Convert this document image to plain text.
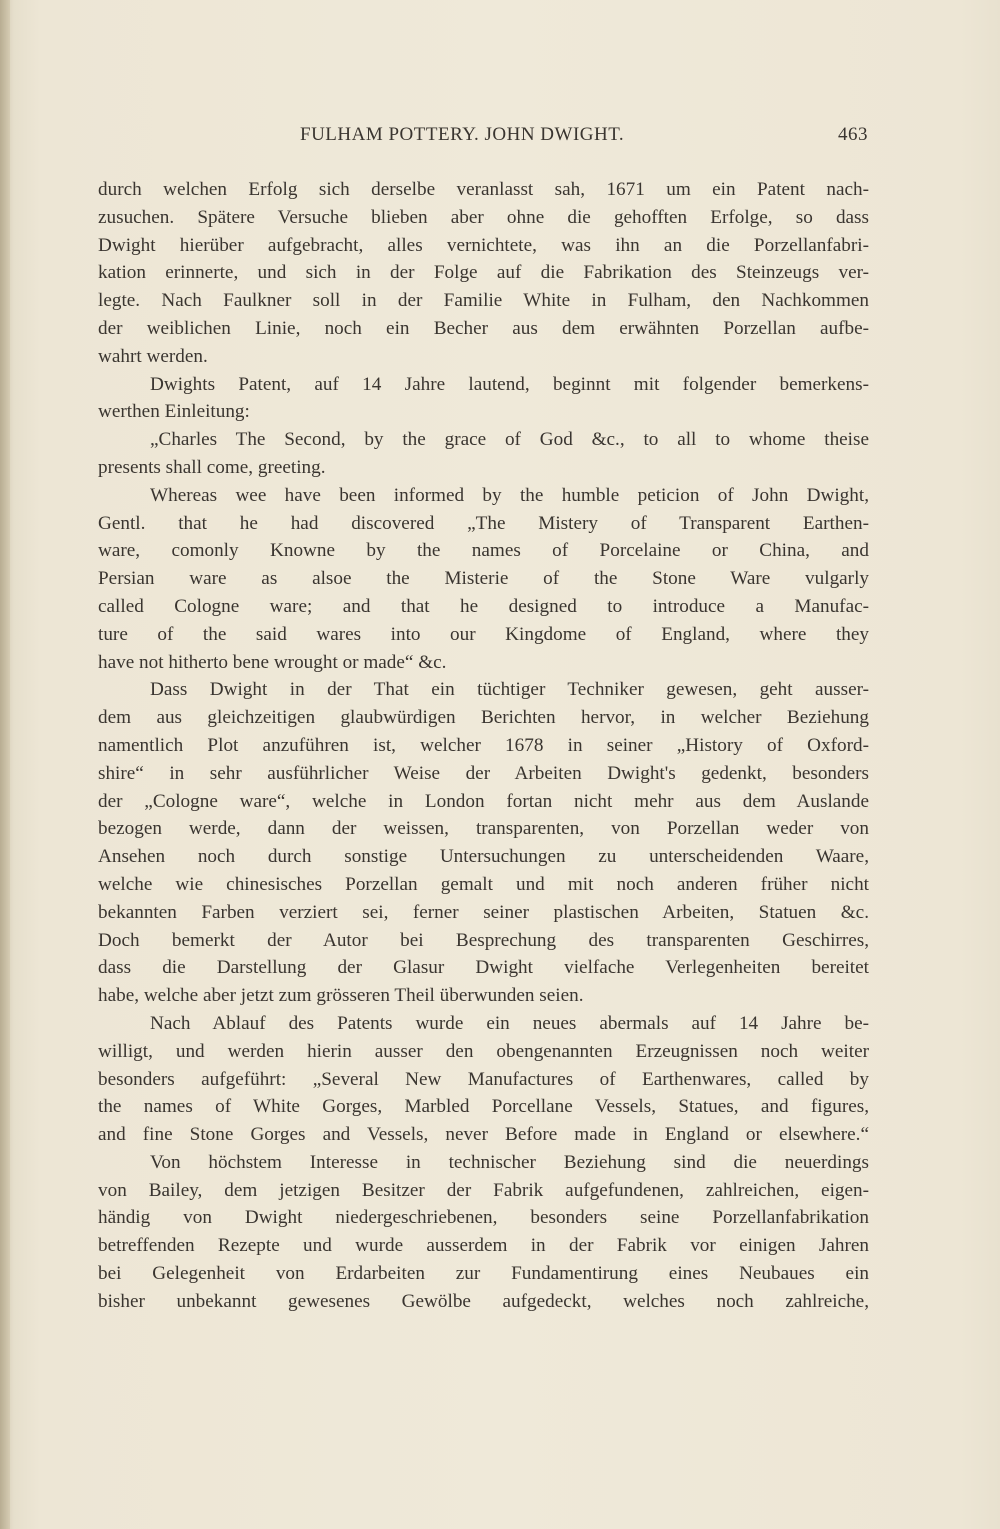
FULHAM POTTERY. JOHN DWIGHT.	463
durch welchen Erfolg sich derselbe veranlasst sah, 1671 um ein Patent nach-
zusuchen. Spätere Versuche blieben aber ohne die gehofften Erfolge, so dass
Dwight hierüber aufgebracht, alles vernichtete, was ihn an die Porzellanfabri-
kation erinnerte, und sich in der Folge auf die Fabrikation des Steinzeugs ver-
legte. Nach Faulkner soll in der Familie White in Fulham, den Nachkommen
der weiblichen Linie, noch ein Becher aus dem erwähnten Porzellan aufbe-
wahrt werden.
Dwights Patent, auf 14 Jahre lautend, beginnt mit folgender bemerkens-
werthen Einleitung:
„Charles The Second, by the grace of God &c., to all to whome theise
presents shall come, greeting.
Whereas wee have been informed by the humble peticion of John Dwight,
Gentl. that he had discovered „The Mistery of Transparent Earthen-
ware, comonly Knowne by the names of Porcelaine or China, and
Persian ware as alsoe the Misterie of the Stone Ware vulgarly
called Cologne ware; and that he designed to introduce a Manufac-
ture of the said wares into our Kingdome of England, where they
have not hitherto bene wrought or made“ &c.
Dass Dwight in der That ein tüchtiger Techniker gewesen, geht ausser-
dem aus gleichzeitigen glaubwürdigen Berichten hervor, in welcher Beziehung
namentlich Plot anzuführen ist, welcher 1678 in seiner „History of Oxford-
shire“ in sehr ausführlicher Weise der Arbeiten Dwight's gedenkt, besonders
der „Cologne ware“, welche in London fortan nicht mehr aus dem Auslande
bezogen werde, dann der weissen, transparenten, von Porzellan weder von
Ansehen noch durch sonstige Untersuchungen zu unterscheidenden Waare,
welche wie chinesisches Porzellan gemalt und mit noch anderen früher nicht
bekannten Farben verziert sei, ferner seiner plastischen Arbeiten, Statuen &c.
Doch bemerkt der Autor bei Besprechung des transparenten Geschirres,
dass die Darstellung der Glasur Dwight vielfache Verlegenheiten bereitet
habe, welche aber jetzt zum grösseren Theil überwunden seien.
Nach Ablauf des Patents wurde ein neues abermals auf 14 Jahre be-
willigt, und werden hierin ausser den obengenannten Erzeugnissen noch weiter
besonders aufgeführt: „Several New Manufactures of Earthenwares, called by
the names of White Gorges, Marbled Porcellane Vessels, Statues, and figures,
and fine Stone Gorges and Vessels, never Before made in England or elsewhere.“
Von höchstem Interesse in technischer Beziehung sind die neuerdings
von Bailey, dem jetzigen Besitzer der Fabrik aufgefundenen, zahlreichen, eigen-
händig von Dwight niedergeschriebenen, besonders seine Porzellanfabrikation
betreffenden Rezepte und wurde ausserdem in der Fabrik vor einigen Jahren
bei Gelegenheit von Erdarbeiten zur Fundamentirung eines Neubaues ein
bisher unbekannt gewesenes Gewölbe aufgedeckt, welches noch zahlreiche,
